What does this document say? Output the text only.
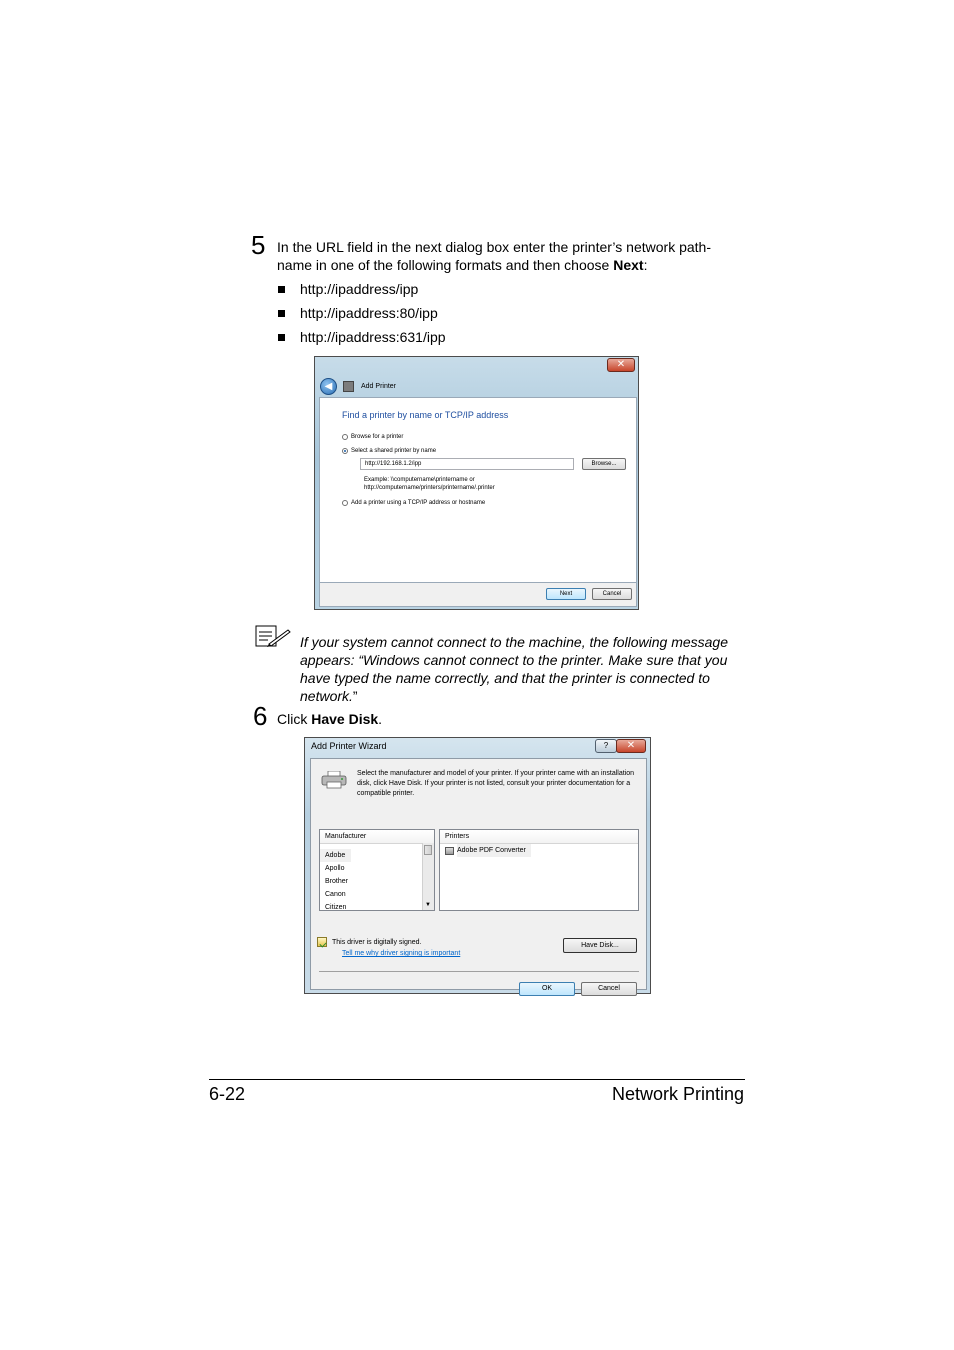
5 In the URL field in the next dialog box enter the printer’s network path-
name in one of the following formats and then choose Next:
http://ipaddress/ipp
http://ipaddress:80/ipp
http://ipaddress:631/ipp
✕
◀	Add Printer
Find a printer by name or TCP/IP address
Browse for a printer
Select a shared printer by name
http://192.168.1.2/ipp	Browse...
Example: \\computername\printername or
http://computername/printers/printername/.printer
Add a printer using a TCP/IP address or hostname
Next	Cancel
If your system cannot connect to the machine, the following message
appears: “Windows cannot connect to the printer. Make sure that you
have typed the name correctly, and that the printer is connected to
network.”
6 Click Have Disk.
Add Printer Wizard	?	✕
Select the manufacturer and model of your printer. If your printer came with an installation disk, click Have Disk. If your printer is not listed, consult your printer documentation for a compatible printer.
Manufacturer
Adobe
Apollo
Brother
Canon
Citizen	▼
Printers
Adobe PDF Converter
This driver is digitally signed.
Tell me why driver signing is important
Have Disk...
OK	Cancel
6-22	Network Printing
